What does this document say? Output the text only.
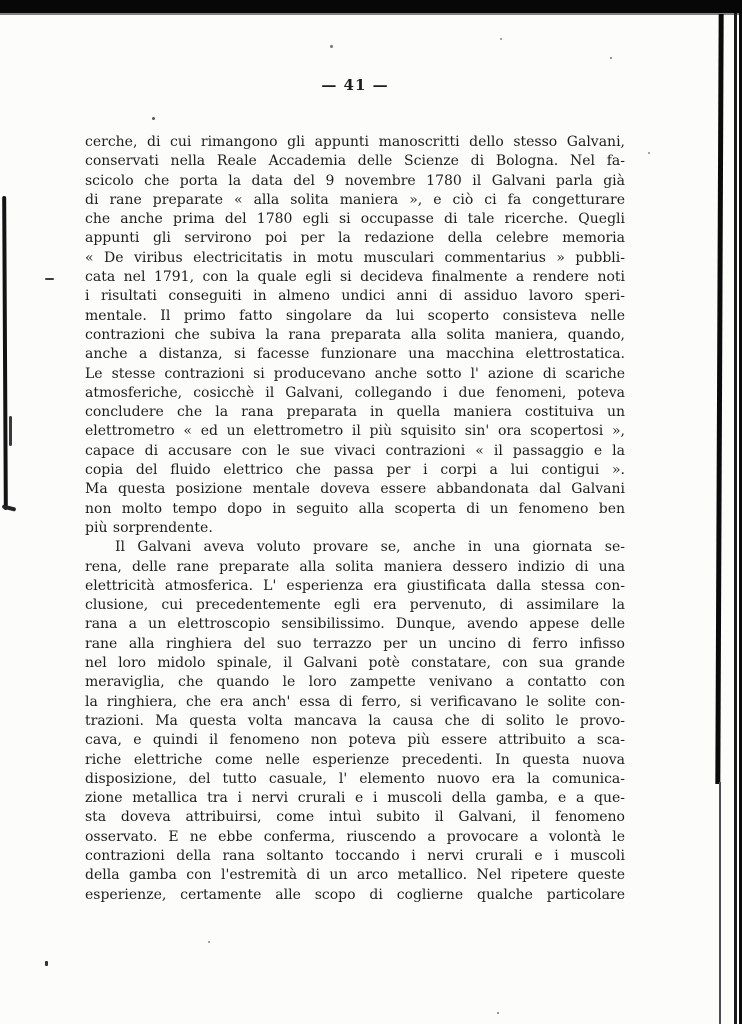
— 41 —
cerche, di cui rimangono gli appunti manoscritti dello stesso Galvani,
conservati nella Reale Accademia delle Scienze di Bologna. Nel fa-
scicolo che porta la data del 9 novembre 1780 il Galvani parla già
di rane preparate « alla solita maniera », e ciò ci fa congetturare
che anche prima del 1780 egli si occupasse di tale ricerche. Quegli
appunti gli servirono poi per la redazione della celebre memoria
« De viribus electricitatis in motu musculari commentarius » pubbli-
cata nel 1791, con la quale egli si decideva finalmente a rendere noti
i risultati conseguiti in almeno undici anni di assiduo lavoro speri-
mentale. Il primo fatto singolare da lui scoperto consisteva nelle
contrazioni che subiva la rana preparata alla solita maniera, quando,
anche a distanza, si facesse funzionare una macchina elettrostatica.
Le stesse contrazioni si producevano anche sotto l' azione di scariche
atmosferiche, cosicchè il Galvani, collegando i due fenomeni, poteva
concludere che la rana preparata in quella maniera costituiva un
elettrometro « ed un elettrometro il più squisito sin' ora scopertosi »,
capace di accusare con le sue vivaci contrazioni « il passaggio e la
copia del fluido elettrico che passa per i corpi a lui contigui ».
Ma questa posizione mentale doveva essere abbandonata dal Galvani
non molto tempo dopo in seguito alla scoperta di un fenomeno ben
più sorprendente.
Il Galvani aveva voluto provare se, anche in una giornata se-
rena, delle rane preparate alla solita maniera dessero indizio di una
elettricità atmosferica. L' esperienza era giustificata dalla stessa con-
clusione, cui precedentemente egli era pervenuto, di assimilare la
rana a un elettroscopio sensibilissimo. Dunque, avendo appese delle
rane alla ringhiera del suo terrazzo per un uncino di ferro infisso
nel loro midolo spinale, il Galvani potè constatare, con sua grande
meraviglia, che quando le loro zampette venivano a contatto con
la ringhiera, che era anch' essa di ferro, si verificavano le solite con-
trazioni. Ma questa volta mancava la causa che di solito le provo-
cava, e quindi il fenomeno non poteva più essere attribuito a sca-
riche elettriche come nelle esperienze precedenti. In questa nuova
disposizione, del tutto casuale, l' elemento nuovo era la comunica-
zione metallica tra i nervi crurali e i muscoli della gamba, e a que-
sta doveva attribuirsi, come intuì subito il Galvani, il fenomeno
osservato. E ne ebbe conferma, riuscendo a provocare a volontà le
contrazioni della rana soltanto toccando i nervi crurali e i muscoli
della gamba con l'estremità di un arco metallico. Nel ripetere queste
esperienze, certamente alle scopo di coglierne qualche particolare
